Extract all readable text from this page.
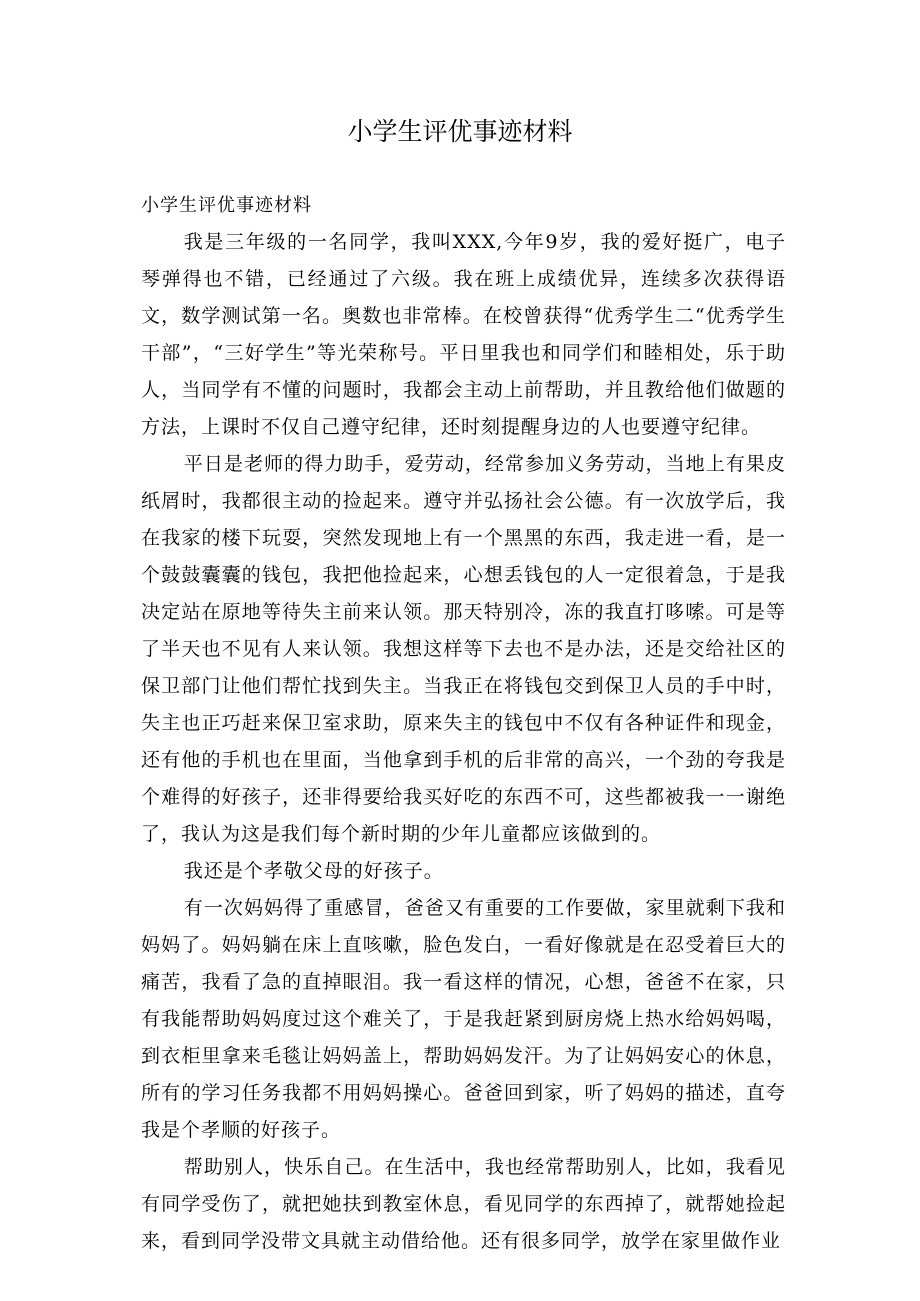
小学生评优事迹材料

小学生评优事迹材料

我是三年级的一名同学，我叫XXX,今年9岁，我的爱好挺广，电子琴弹得也不错，已经通过了六级。我在班上成绩优异，连续多次获得语文，数学测试第一名。奥数也非常棒。在校曾获得“优秀学生二“优秀学生干部”，“三好学生”等光荣称号。平日里我也和同学们和睦相处，乐于助人，当同学有不懂的问题时，我都会主动上前帮助，并且教给他们做题的方法，上课时不仅自己遵守纪律，还时刻提醒身边的人也要遵守纪律。

平日是老师的得力助手，爱劳动，经常参加义务劳动，当地上有果皮纸屑时，我都很主动的捡起来。遵守并弘扬社会公德。有一次放学后，我在我家的楼下玩耍，突然发现地上有一个黑黑的东西，我走进一看，是一个鼓鼓囊囊的钱包，我把他捡起来，心想丢钱包的人一定很着急，于是我决定站在原地等待失主前来认领。那天特别冷，冻的我直打哆嗦。可是等了半天也不见有人来认领。我想这样等下去也不是办法，还是交给社区的保卫部门让他们帮忙找到失主。当我正在将钱包交到保卫人员的手中时，失主也正巧赶来保卫室求助，原来失主的钱包中不仅有各种证件和现金，还有他的手机也在里面，当他拿到手机的后非常的高兴，一个劲的夸我是个难得的好孩子，还非得要给我买好吃的东西不可，这些都被我一一谢绝了，我认为这是我们每个新时期的少年儿童都应该做到的。

我还是个孝敬父母的好孩子。

有一次妈妈得了重感冒，爸爸又有重要的工作要做，家里就剩下我和妈妈了。妈妈躺在床上直咳嗽，脸色发白，一看好像就是在忍受着巨大的痛苦，我看了急的直掉眼泪。我一看这样的情况，心想，爸爸不在家，只有我能帮助妈妈度过这个难关了，于是我赶紧到厨房烧上热水给妈妈喝，到衣柜里拿来毛毯让妈妈盖上，帮助妈妈发汗。为了让妈妈安心的休息，所有的学习任务我都不用妈妈操心。爸爸回到家，听了妈妈的描述，直夸我是个孝顺的好孩子。

帮助别人，快乐自己。在生活中，我也经常帮助别人，比如，我看见有同学受伤了，就把她扶到教室休息，看见同学的东西掉了，就帮她捡起来，看到同学没带文具就主动借给他。还有很多同学，放学在家里做作业
